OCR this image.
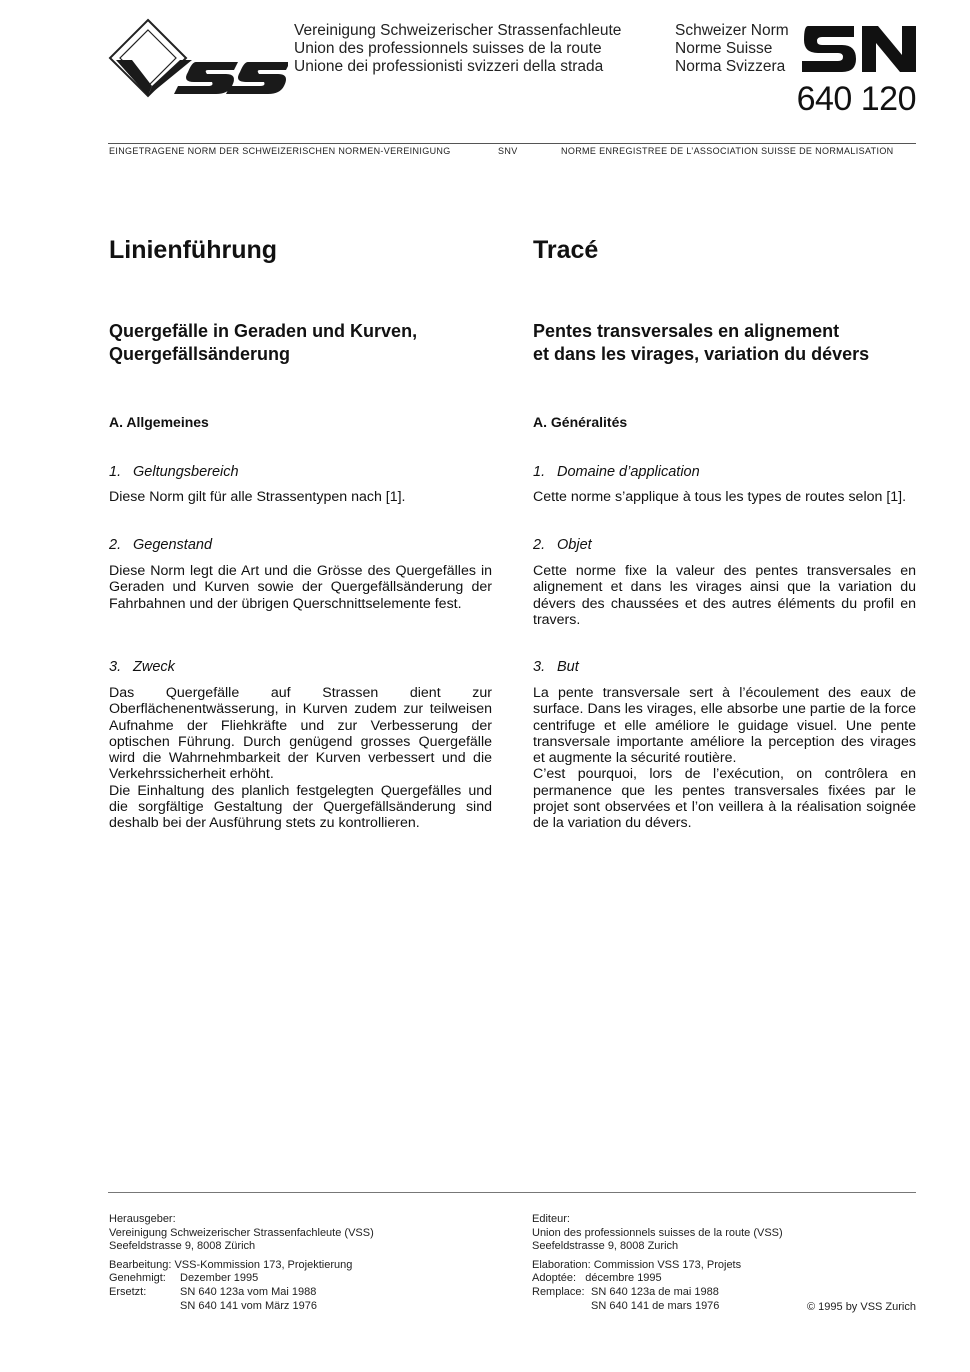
Vereinigung Schweizerischer Strassenfachleute
Union des professionnels suisses de la route
Unione dei professionisti svizzeri della strada
Schweizer Norm
Norme Suisse
Norma Svizzera
640 120
EINGETRAGENE NORM DER SCHWEIZERISCHEN NORMEN-VEREINIGUNG	SNV	NORME ENREGISTREE DE L’ASSOCIATION SUISSE DE NORMALISATION
Linienführung	Tracé
Quergefälle in Geraden und Kurven,
Quergefällsänderung
Pentes transversales en alignement
et dans les virages, variation du dévers
A. Allgemeines	A. Généralités
1. Geltungsbereich

Diese Norm gilt für alle Strassentypen nach [1].

2. Gegenstand

Diese Norm legt die Art und die Grösse des Quergefälles in Geraden und Kurven sowie der Quergefällsänderung der Fahrbahnen und der übrigen Querschnittselemente fest.

3. Zweck

Das Quergefälle auf Strassen dient zur Oberflächenentwässerung, in Kurven zudem zur teilweisen Aufnahme der Fliehkräfte und zur Verbesserung der optischen Führung. Durch genügend grosses Quergefälle wird die Wahrnehmbarkeit der Kurven verbessert und die Verkehrssicherheit erhöht.

Die Einhaltung des planlich festgelegten Quergefälles und die sorgfältige Gestaltung der Quergefällsänderung sind deshalb bei der Ausführung stets zu kontrollieren.

1. Domaine d’application

Cette norme s’applique à tous les types de routes selon [1].

2. Objet

Cette norme fixe la valeur des pentes transversales en alignement et dans les virages ainsi que la variation du dévers des chaussées et des autres éléments du profil en travers.

3. But

La pente transversale sert à l’écoulement des eaux de surface. Dans les virages, elle absorbe une partie de la force centrifuge et elle améliore le guidage visuel. Une pente transversale importante améliore la perception des virages et augmente la sécurité routière.

C’est pourquoi, lors de l’exécution, on contrôlera en permanence que les pentes transversales fixées par le projet sont observées et l’on veillera à la réalisation soignée de la variation du dévers.

Herausgeber:
Vereinigung Schweizerischer Strassenfachleute (VSS)
Seefeldstrasse 9, 8008 Zürich
Bearbeitung:
VSS-Kommission 173, Projektierung
Genehmigt:	Dezember 1995
Ersetzt:	SN 640 123a vom Mai 1988
SN 640 141 vom März 1976
Editeur:
Union des professionnels suisses de la route (VSS)
Seefeldstrasse 9, 8008 Zurich
Elaboration:
Commission VSS 173, Projets
Adoptée:
décembre 1995
Remplace: SN 640 123a de mai 1988
SN 640 141 de mars 1976	© 1995 by VSS Zurich
